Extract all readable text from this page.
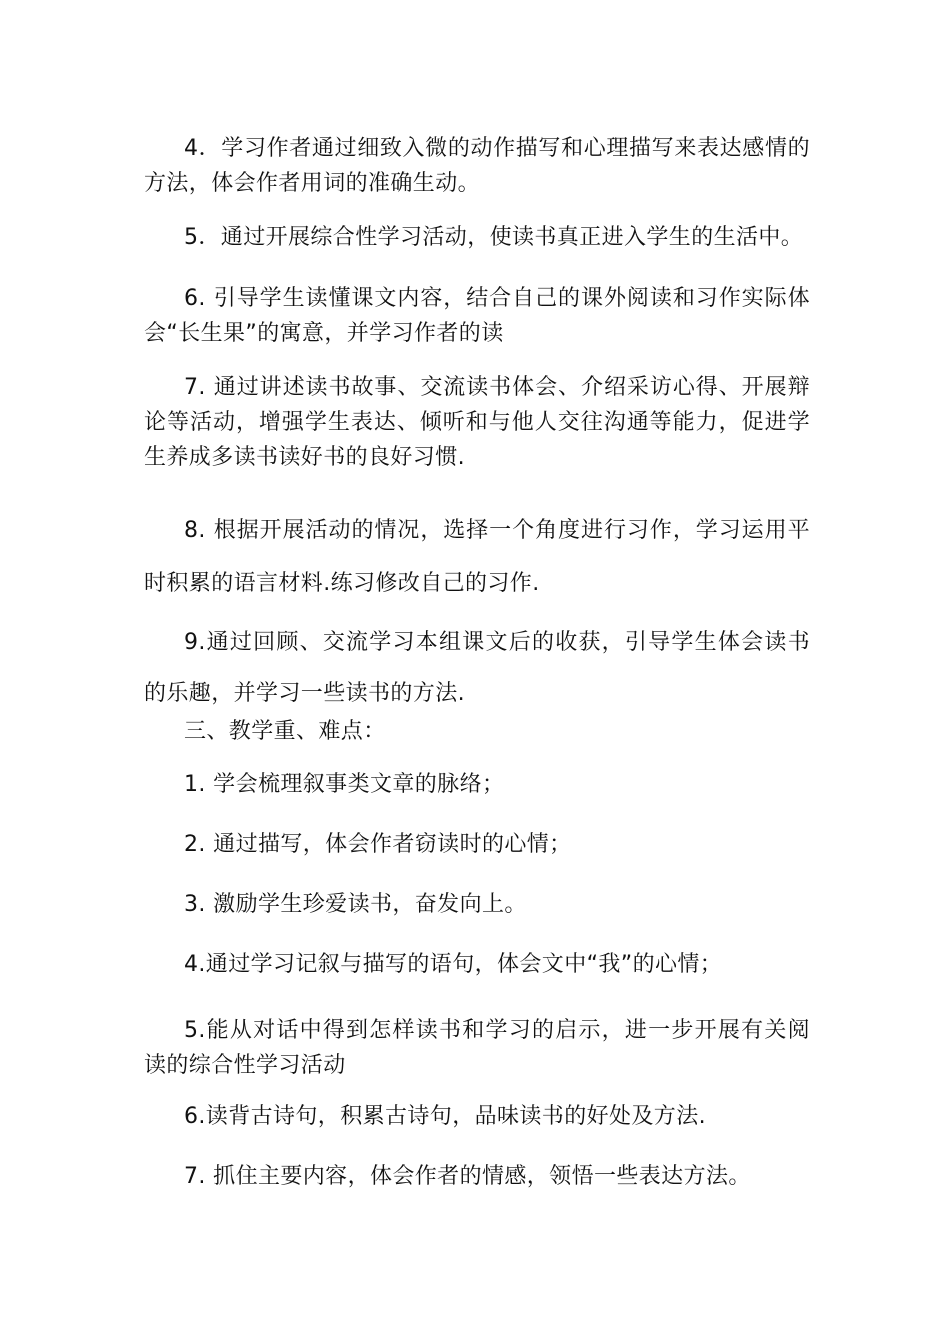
4．学习作者通过细致入微的动作描写和心理描写来表达感情的方法，体会作者用词的准确生动。

5．通过开展综合性学习活动，使读书真正进入学生的生活中。

6. 引导学生读懂课文内容，结合自己的课外阅读和习作实际体会“长生果”的寓意，并学习作者的读

7. 通过讲述读书故事、交流读书体会、介绍采访心得、开展辩论等活动，增强学生表达、倾听和与他人交往沟通等能力，促进学生养成多读书读好书的良好习惯.

8. 根据开展活动的情况，选择一个角度进行习作，学习运用平时积累的语言材料.练习修改自己的习作.

9.通过回顾、交流学习本组课文后的收获，引导学生体会读书的乐趣，并学习一些读书的方法.

三、教学重、难点：

1. 学会梳理叙事类文章的脉络；

2. 通过描写，体会作者窃读时的心情；

3. 激励学生珍爱读书，奋发向上。

4.通过学习记叙与描写的语句，体会文中“我”的心情；

5.能从对话中得到怎样读书和学习的启示，进一步开展有关阅读的综合性学习活动

6.读背古诗句，积累古诗句，品味读书的好处及方法.

7. 抓住主要内容，体会作者的情感，领悟一些表达方法。
